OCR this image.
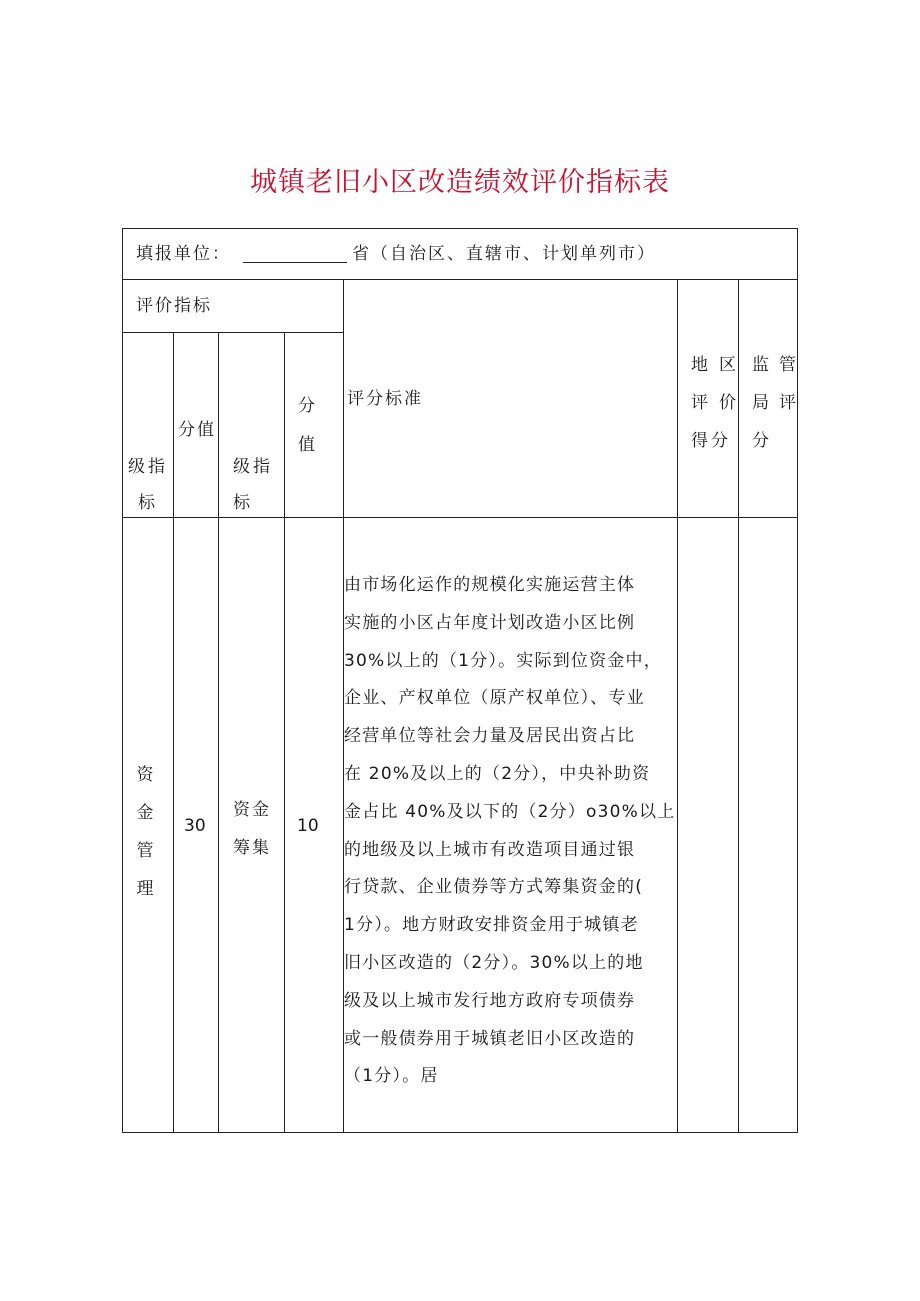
城镇老旧小区改造绩效评价指标表
填报单位：	省（自治区、直辖市、计划单列市）
评价指标
级指
标
分值
级指
标
分
值
评分标准
地 区
评 价
得 分
监 管
局 评
分
资
金
管
理
30
资金
筹集
10
由市场化运作的规模化实施运营主体
实施的小区占年度计划改造小区比例
30%以上的（1分）。实际到位资金中，
企业、产权单位（原产权单位）、专业
经营单位等社会力量及居民出资占比
在 20%及以上的（2分），中央补助资
金占比 40%及以下的（2分）o30%以上
的地级及以上城市有改造项目通过银
行贷款、企业债券等方式筹集资金的(
1分）。地方财政安排资金用于城镇老
旧小区改造的（2分）。30%以上的地
级及以上城市发行地方政府专项债券
或一般债券用于城镇老旧小区改造的
（1分）。居
